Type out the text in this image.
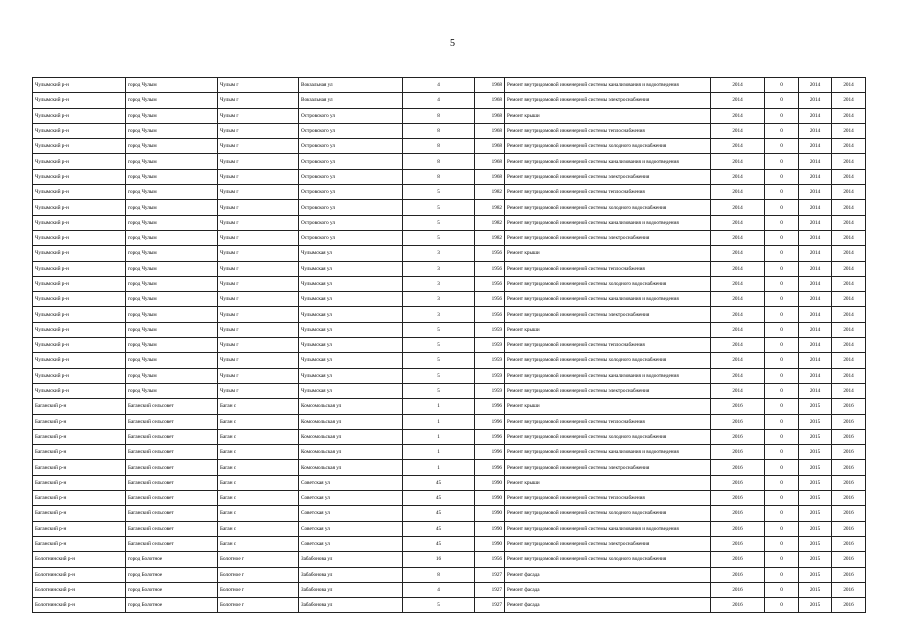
5
Чулымский р-н	город Чулым	Чулым г	Вокзальная ул	4	1968	Ремонт внутридомовой инженерной системы канализования и водоотведения	2014	0	2014	2014
Чулымский р-н	город Чулым	Чулым г	Вокзальная ул	4	1968	Ремонт внутридомовой инженерной системы электроснабжения	2014	0	2014	2014
Чулымский р-н	город Чулым	Чулым г	Островского ул	8	1968	Ремонт крыши	2014	0	2014	2014
Чулымский р-н	город Чулым	Чулым г	Островского ул	8	1968	Ремонт внутридомовой инженерной системы теплоснабжения	2014	0	2014	2014
Чулымский р-н	город Чулым	Чулым г	Островского ул	8	1968	Ремонт внутридомовой инженерной системы холодного водоснабжения	2014	0	2014	2014
Чулымский р-н	город Чулым	Чулым г	Островского ул	8	1968	Ремонт внутридомовой инженерной системы канализования и водоотведения	2014	0	2014	2014
Чулымский р-н	город Чулым	Чулым г	Островского ул	8	1968	Ремонт внутридомовой инженерной системы электроснабжения	2014	0	2014	2014
Чулымский р-н	город Чулым	Чулым г	Островского ул	5	1982	Ремонт внутридомовой инженерной системы теплоснабжения	2014	0	2014	2014
Чулымский р-н	город Чулым	Чулым г	Островского ул	5	1982	Ремонт внутридомовой инженерной системы холодного водоснабжения	2014	0	2014	2014
Чулымский р-н	город Чулым	Чулым г	Островского ул	5	1982	Ремонт внутридомовой инженерной системы канализования и водоотведения	2014	0	2014	2014
Чулымский р-н	город Чулым	Чулым г	Островского ул	5	1982	Ремонт внутридомовой инженерной системы электроснабжения	2014	0	2014	2014
Чулымский р-н	город Чулым	Чулым г	Чулымская ул	3	1956	Ремонт крыши	2014	0	2014	2014
Чулымский р-н	город Чулым	Чулым г	Чулымская ул	3	1956	Ремонт внутридомовой инженерной системы теплоснабжения	2014	0	2014	2014
Чулымский р-н	город Чулым	Чулым г	Чулымская ул	3	1956	Ремонт внутридомовой инженерной системы холодного водоснабжения	2014	0	2014	2014
Чулымский р-н	город Чулым	Чулым г	Чулымская ул	3	1956	Ремонт внутридомовой инженерной системы канализования и водоотведения	2014	0	2014	2014
Чулымский р-н	город Чулым	Чулым г	Чулымская ул	3	1956	Ремонт внутридомовой инженерной системы электроснабжения	2014	0	2014	2014
Чулымский р-н	город Чулым	Чулым г	Чулымская ул	5	1959	Ремонт крыши	2014	0	2014	2014
Чулымский р-н	город Чулым	Чулым г	Чулымская ул	5	1959	Ремонт внутридомовой инженерной системы теплоснабжения	2014	0	2014	2014
Чулымский р-н	город Чулым	Чулым г	Чулымская ул	5	1959	Ремонт внутридомовой инженерной системы холодного водоснабжения	2014	0	2014	2014
Чулымский р-н	город Чулым	Чулым г	Чулымская ул	5	1959	Ремонт внутридомовой инженерной системы канализования и водоотведения	2014	0	2014	2014
Чулымский р-н	город Чулым	Чулым г	Чулымская ул	5	1959	Ремонт внутридомовой инженерной системы электроснабжения	2014	0	2014	2014
Баганский р-н	Баганский сельсовет	Баган с	Комсомольская ул	1	1996	Ремонт крыши	2016	0	2015	2016
Баганский р-н	Баганский сельсовет	Баган с	Комсомольская ул	1	1996	Ремонт внутридомовой инженерной системы теплоснабжения	2016	0	2015	2016
Баганский р-н	Баганский сельсовет	Баган с	Комсомольская ул	1	1996	Ремонт внутридомовой инженерной системы холодного водоснабжения	2016	0	2015	2016
Баганский р-н	Баганский сельсовет	Баган с	Комсомольская ул	1	1996	Ремонт внутридомовой инженерной системы канализования и водоотведения	2016	0	2015	2016
Баганский р-н	Баганский сельсовет	Баган с	Комсомольская ул	1	1996	Ремонт внутридомовой инженерной системы электроснабжения	2016	0	2015	2016
Баганский р-н	Баганский сельсовет	Баган с	Советская ул	45	1990	Ремонт крыши	2016	0	2015	2016
Баганский р-н	Баганский сельсовет	Баган с	Советская ул	45	1990	Ремонт внутридомовой инженерной системы теплоснабжения	2016	0	2015	2016
Баганский р-н	Баганский сельсовет	Баган с	Советская ул	45	1990	Ремонт внутридомовой инженерной системы холодного водоснабжения	2016	0	2015	2016
Баганский р-н	Баганский сельсовет	Баган с	Советская ул	45	1990	Ремонт внутридомовой инженерной системы канализования и водоотведения	2016	0	2015	2016
Баганский р-н	Баганский сельсовет	Баган с	Советская ул	45	1990	Ремонт внутридомовой инженерной системы электроснабжения	2016	0	2015	2016
Болотнинский р-н	город Болотное	Болотное г	Забабонова ул	16	1956	Ремонт внутридомовой инженерной системы холодного водоснабжения	2016	0	2015	2016
Болотнинский р-н	город Болотное	Болотное г	Забабонова ул	8	1927	Ремонт фасада	2016	0	2015	2016
Болотнинский р-н	город Болотное	Болотное г	Забабонова ул	4	1927	Ремонт фасада	2016	0	2015	2016
Болотнинский р-н	город Болотное	Болотное г	Забабонова ул	5	1927	Ремонт фасада	2016	0	2015	2016
